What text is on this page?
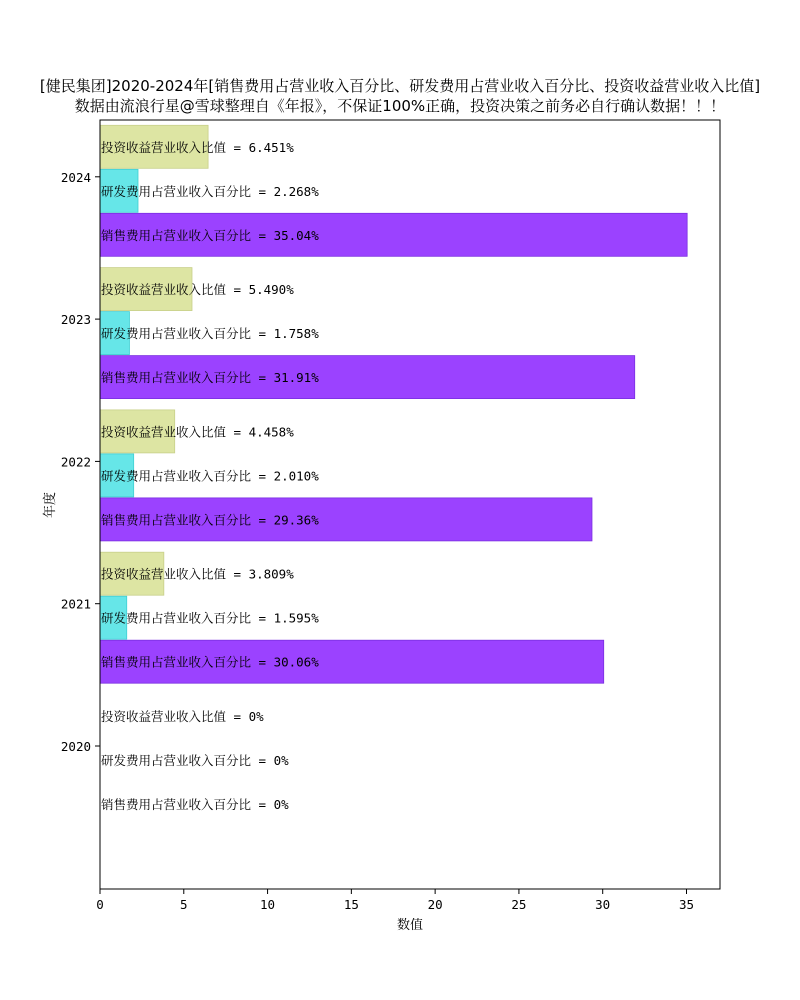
[健民集团]2020-2024年[销售费用占营业收入百分比、研发费用占营业收入百分比、投资收益营业收入比值]
数据由流浪行星@雪球整理自《年报》，不保证100%正确，投资决策之前务必自行确认数据！！！
销售费用占营业收入百分比 = 0%
研发费用占营业收入百分比 = 0%
投资收益营业收入比值 = 0%
销售费用占营业收入百分比 = 30.06%
研发费用占营业收入百分比 = 1.595%
投资收益营业收入比值 = 3.809%
销售费用占营业收入百分比 = 29.36%
研发费用占营业收入百分比 = 2.010%
投资收益营业收入比值 = 4.458%
销售费用占营业收入百分比 = 31.91%
研发费用占营业收入百分比 = 1.758%
投资收益营业收入比值 = 5.490%
销售费用占营业收入百分比 = 35.04%
研发费用占营业收入百分比 = 2.268%
投资收益营业收入比值 = 6.451%
0	5	10	15	20	25	30	35
2020
2021
2022
2023
2024
数值
年度
